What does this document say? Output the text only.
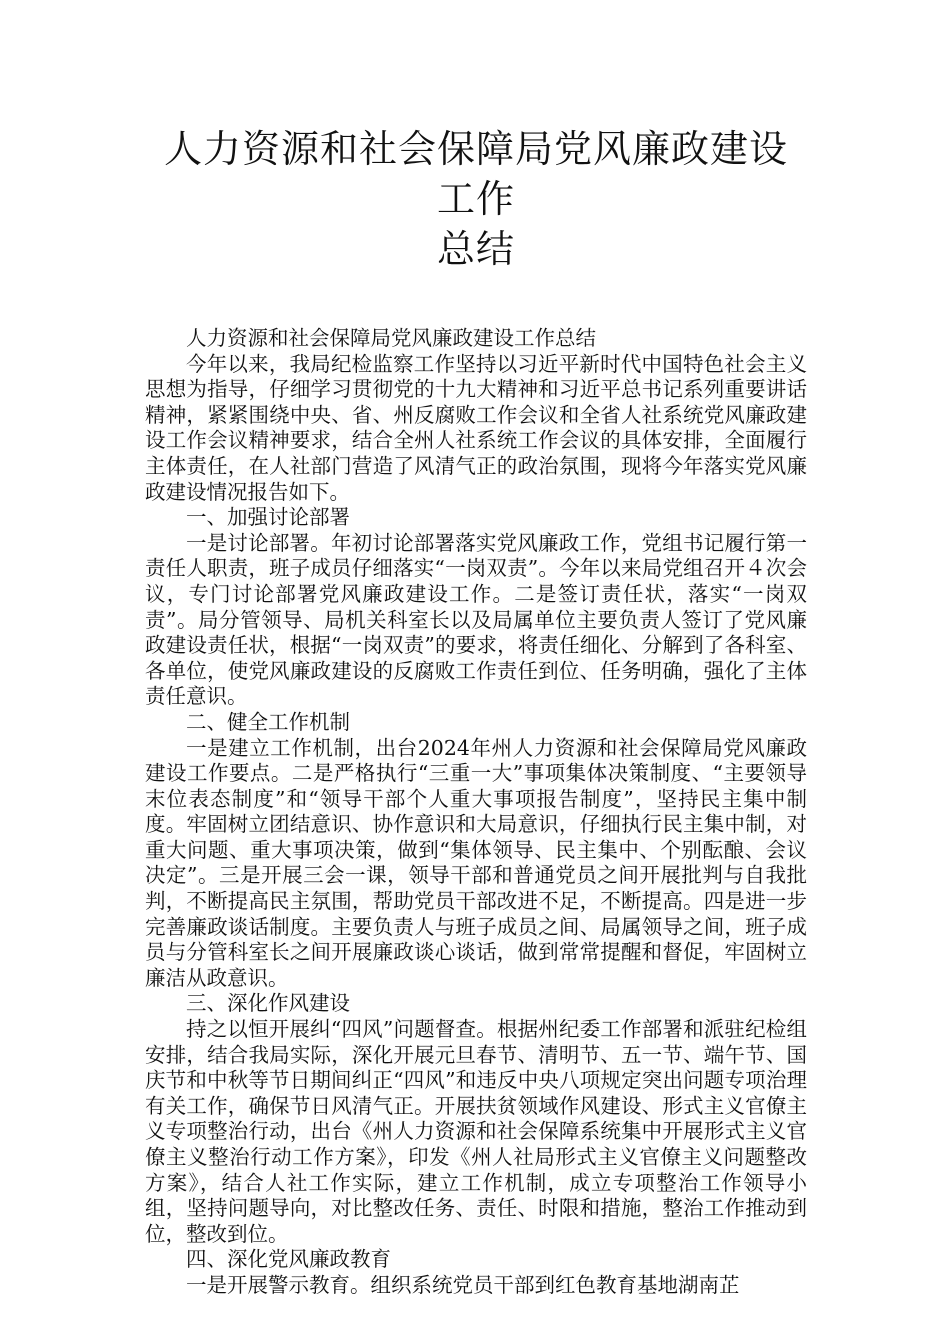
人力资源和社会保障局党风廉政建设工作
总结

人力资源和社会保障局党风廉政建设工作总结

今年以来，我局纪检监察工作坚持以习近平新时代中国特色社会主义思想为指导，仔细学习贯彻党的十九大精神和习近平总书记系列重要讲话精神，紧紧围绕中央、省、州反腐败工作会议和全省人社系统党风廉政建设工作会议精神要求，结合全州人社系统工作会议的具体安排，全面履行主体责任，在人社部门营造了风清气正的政治氛围，现将今年落实党风廉政建设情况报告如下。

一、加强讨论部署

一是讨论部署。年初讨论部署落实党风廉政工作，党组书记履行第一责任人职责，班子成员仔细落实“一岗双责”。今年以来局党组召开４次会议，专门讨论部署党风廉政建设工作。二是签订责任状，落实“一岗双责”。局分管领导、局机关科室长以及局属单位主要负责人签订了党风廉政建设责任状，根据“一岗双责”的要求，将责任细化、分解到了各科室、各单位，使党风廉政建设的反腐败工作责任到位、任务明确，强化了主体责任意识。

二、健全工作机制

一是建立工作机制，出台2024年州人力资源和社会保障局党风廉政建设工作要点。二是严格执行“三重一大”事项集体决策制度、“主要领导末位表态制度”和“领导干部个人重大事项报告制度”，坚持民主集中制度。牢固树立团结意识、协作意识和大局意识，仔细执行民主集中制，对重大问题、重大事项决策，做到“集体领导、民主集中、个别酝酿、会议决定”。三是开展三会一课，领导干部和普通党员之间开展批判与自我批判，不断提高民主氛围，帮助党员干部改进不足，不断提高。四是进一步完善廉政谈话制度。主要负责人与班子成员之间、局属领导之间，班子成员与分管科室长之间开展廉政谈心谈话，做到常常提醒和督促，牢固树立廉洁从政意识。

三、深化作风建设

持之以恒开展纠“四风”问题督查。根据州纪委工作部署和派驻纪检组安排，结合我局实际，深化开展元旦春节、清明节、五一节、端午节、国庆节和中秋等节日期间纠正“四风”和违反中央八项规定突出问题专项治理有关工作，确保节日风清气正。开展扶贫领域作风建设、形式主义官僚主义专项整治行动，出台《州人力资源和社会保障系统集中开展形式主义官僚主义整治行动工作方案》，印发《州人社局形式主义官僚主义问题整改方案》，结合人社工作实际，建立工作机制，成立专项整治工作领导小组，坚持问题导向，对比整改任务、责任、时限和措施，整治工作推动到位，整改到位。

四、深化党风廉政教育

一是开展警示教育。组织系统党员干部到红色教育基地湖南芷
